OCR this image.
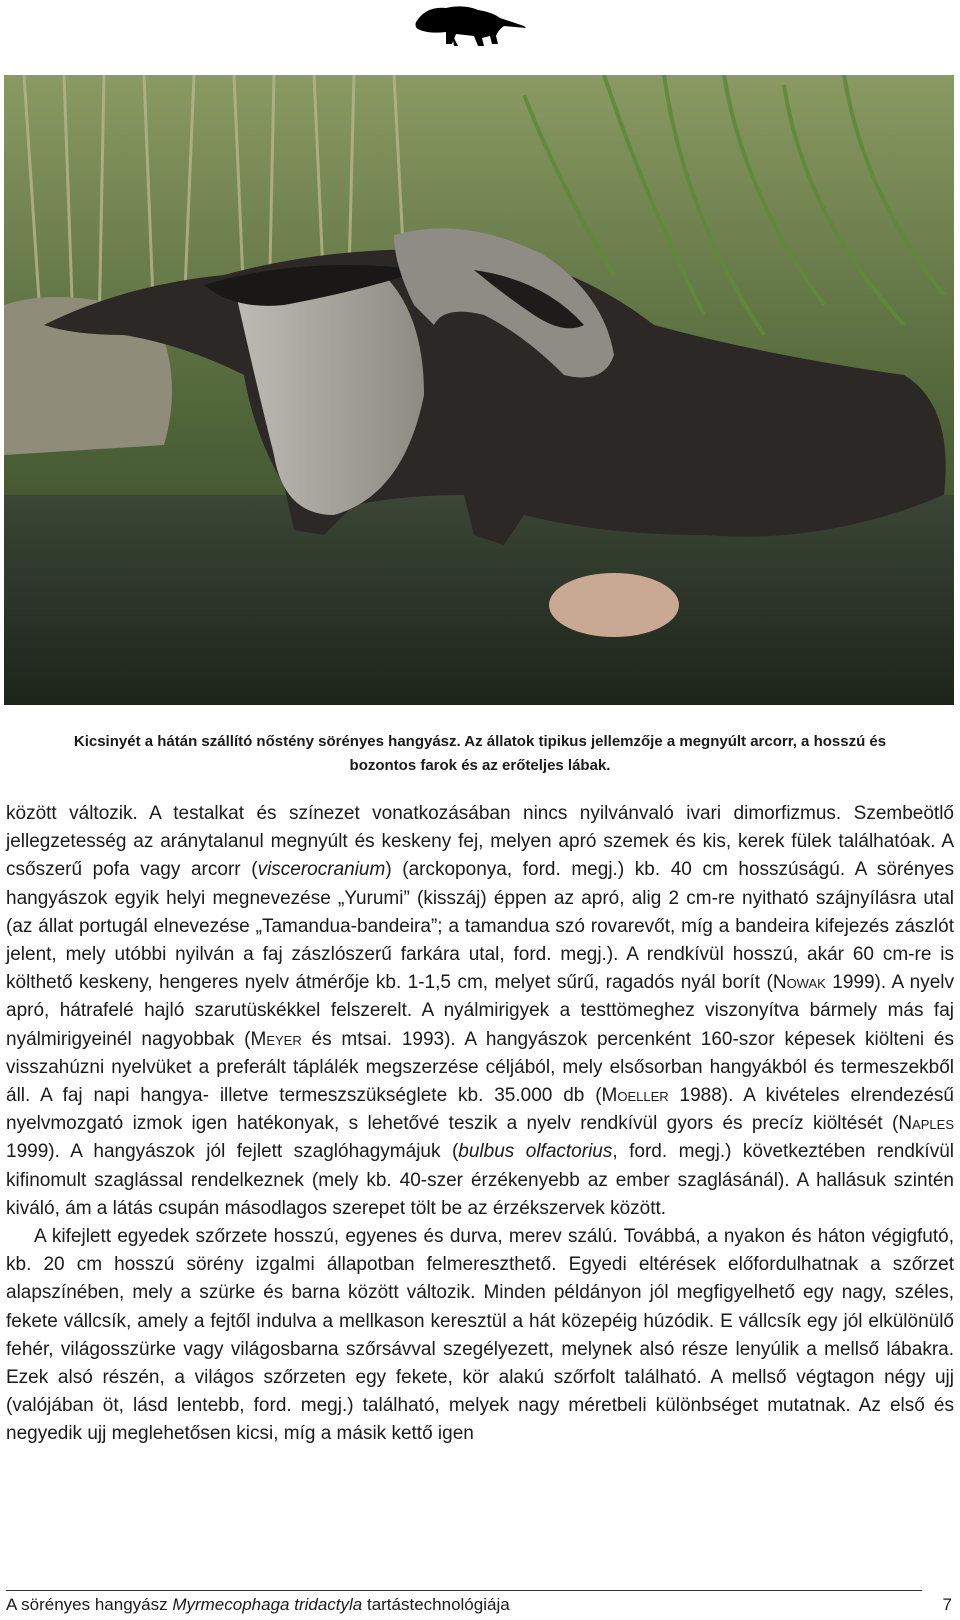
Kicsinyét a hátán szállító nőstény sörényes hangyász. Az állatok tipikus jellemzője a megnyúlt arcorr, a hosszú és
bozontos farok és az erőteljes lábak.

között változik. A testalkat és színezet vonatkozásában nincs nyilvánvaló ivari dimorfizmus. Szembeötlő jellegzetesség az aránytalanul megnyúlt és keskeny fej, melyen apró szemek és kis, kerek fülek találhatóak. A csőszerű pofa vagy arcorr (viscerocranium) (arckoponya, ford. megj.) kb. 40 cm hosszúságú. A sörényes hangyászok egyik helyi megnevezése „Yurumi” (kisszáj) éppen az apró, alig 2 cm-re nyitható szájnyílásra utal (az állat portugál elnevezése „Tamandua-bandeira”; a tamandua szó rovarevőt, míg a bandeira kifejezés zászlót jelent, mely utóbbi nyilván a faj zászlószerű farkára utal, ford. megj.). A rendkívül hosszú, akár 60 cm-re is költhető keskeny, hengeres nyelv átmérője kb. 1-1,5 cm, melyet sűrű, ragadós nyál borít (Nowak 1999). A nyelv apró, hátrafelé hajló szarutüskékkel felszerelt. A nyálmirigyek a testtömeghez viszonyítva bármely más faj nyálmirigyeinél nagyobbak (Meyer és mtsai. 1993). A hangyászok percenként 160-szor képesek kiölteni és visszahúzni nyelvüket a preferált táplálék megszerzése céljából, mely elsősorban hangyákból és termeszekből áll. A faj napi hangya- illetve termeszszükséglete kb. 35.000 db (Moeller 1988). A kivételes elrendezésű nyelvmozgató izmok igen hatékonyak, s lehetővé teszik a nyelv rendkívül gyors és precíz kiöltését (Naples 1999). A hangyászok jól fejlett szaglóhagymájuk (bulbus olfactorius, ford. megj.) következtében rendkívül kifinomult szaglással rendelkeznek (mely kb. 40-szer érzékenyebb az ember szaglásánál). A hallásuk szintén kiváló, ám a látás csupán másodlagos szerepet tölt be az érzékszervek között.

A kifejlett egyedek szőrzete hosszú, egyenes és durva, merev szálú. Továbbá, a nyakon és háton végigfutó, kb. 20 cm hosszú sörény izgalmi állapotban felmereszthető. Egyedi eltérések előfordulhatnak a szőrzet alapszínében, mely a szürke és barna között változik. Minden példányon jól megfigyelhető egy nagy, széles, fekete vállcsík, amely a fejtől indulva a mellkason keresztül a hát közepéig húzódik. E vállcsík egy jól elkülönülő fehér, világosszürke vagy világosbarna szőrsávval szegélyezett, melynek alsó része lenyúlik a mellső lábakra. Ezek alsó részén, a világos szőrzeten egy fekete, kör alakú szőrfolt található. A mellső végtagon négy ujj (valójában öt, lásd lentebb, ford. megj.) található, melyek nagy méretbeli különbséget mutatnak. Az első és negyedik ujj meglehetősen kicsi, míg a másik kettő igen

A sörényes hangyász Myrmecophaga tridactyla tartástechnológiája	7
